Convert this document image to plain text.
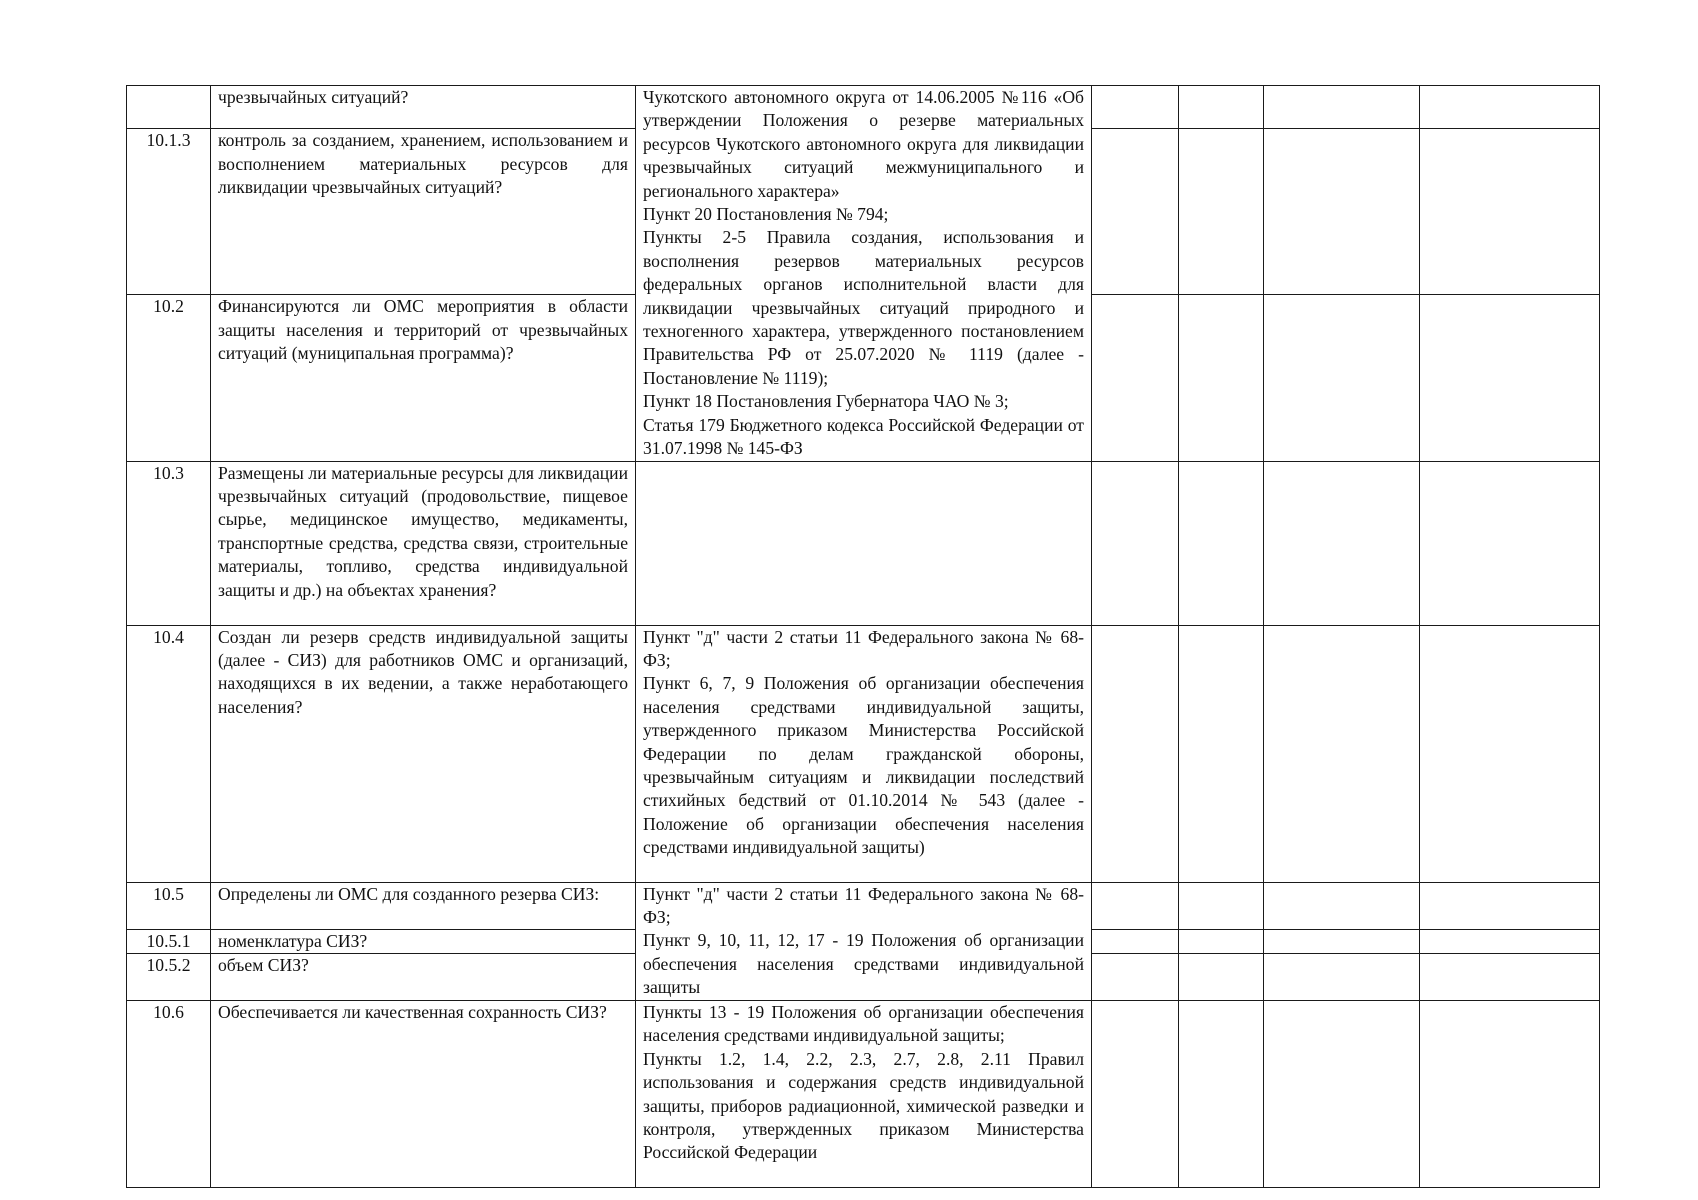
	чрезвычайных ситуаций?	Чукотского автономного округа от 14.06.2005 №116 «Об утверждении Положения о резерве материальных ресурсов Чукотского автономного округа для ликвидации чрезвычайных ситуаций межмуниципального и регионального характера»
Пункт 20 Постановления № 794;
Пункты 2-5 Правила создания, использования и восполнения резервов материальных ресурсов федеральных органов исполнительной власти для ликвидации чрезвычайных ситуаций природного и техногенного характера, утвержденного постановлением Правительства РФ от 25.07.2020 № 1119 (далее - Постановление № 1119);
Пункт 18 Постановления Губернатора ЧАО № 3;
Статья 179 Бюджетного кодекса Российской Федерации от 31.07.1998 № 145-ФЗ				

10.1.3	контроль за созданием, хранением, использованием и восполнением материальных ресурсов для ликвидации чрезвычайных ситуаций?					
10.2	Финансируются ли ОМС мероприятия в области защиты населения и территорий от чрезвычайных ситуаций (муниципальная программа)?					
10.3	Размещены ли материальные ресурсы для ликвидации чрезвычайных ситуаций (продовольствие, пищевое сырье, медицинское имущество, медикаменты, транспортные средства, средства связи, строительные материалы, топливо, средства индивидуальной защиты и др.) на объектах хранения?					
10.4	Создан ли резерв средств индивидуальной защиты (далее - СИЗ) для работников ОМС и организаций, находящихся в их ведении, а также неработающего населения?	Пункт "д" части 2 статьи 11 Федерального закона № 68-ФЗ;
Пункт 6, 7, 9 Положения об организации обеспечения населения средствами индивидуальной защиты, утвержденного приказом Министерства Российской Федерации по делам гражданской обороны, чрезвычайным ситуациям и ликвидации последствий стихийных бедствий от 01.10.2014 № 543 (далее - Положение об организации обеспечения населения средствами индивидуальной защиты)				

10.5	Определены ли ОМС для созданного резерва СИЗ:	Пункт "д" части 2 статьи 11 Федерального закона № 68-ФЗ;
Пункт 9, 10, 11, 12, 17 - 19 Положения об организации обеспечения населения средствами индивидуальной защиты				

10.5.1	номенклатура СИЗ?					
10.5.2	объем СИЗ?					
10.6	Обеспечивается ли качественная сохранность СИЗ?	Пункты 13 - 19 Положения об организации обеспечения населения средствами индивидуальной защиты;
Пункты 1.2, 1.4, 2.2, 2.3, 2.7, 2.8, 2.11 Правил использования и содержания средств индивидуальной защиты, приборов радиационной, химической разведки и контроля, утвержденных приказом Министерства Российской Федерации				
